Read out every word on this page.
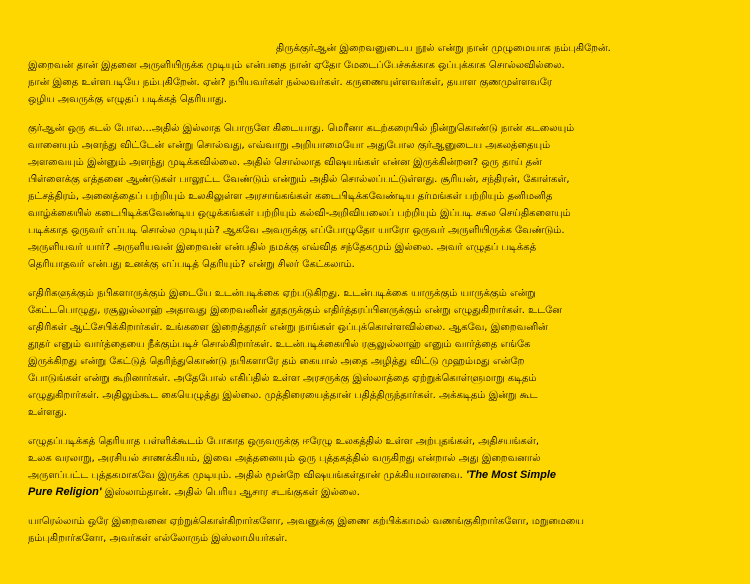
திருக்குர்ஆன் இறைவனுடைய நூல் என்று நான் முழுமையாக நம்புகிறேன்.
இறைவன் தான் இதனை அருளியிருக்க முடியும் என்பதை நான் ஏதோ மேடைப்பேச்சுக்காக ஒப்புக்காக சொல்லவில்லை.
நான் இதை உள்ளபடியே நம்புகிறேன். ஏன்? நபியவர்கள் நல்லவர்கள். கருணையுள்ளவர்கள், தயாள குணமுள்ளவரே
ஒழிய அவருக்கு எழுதப் படிக்கத் தெரியாது.

குர்ஆன் ஒரு கடல் போல...அதில் இல்லாத பொருளே கிடையாது. மெரீனா கடற்கரையில் நின்றுகொண்டு நான் கடலையும்
வானையும் அளந்து விட்டேன் என்று சொல்வது, எவ்வாறு அறியாமையோ அதுபோல குர்ஆனுடைய அகலத்தையும்
அளவையும் இன்னும் அளந்து முடிக்கவில்லை. அதில் சொல்லாத விஷயங்கள் என்ன இருக்கின்றன? ஒரு தாய் தன்
பிள்ளைக்கு எத்தனை ஆண்டுகள் பாலூட்ட வேண்டும் என்றும் அதில் சொல்லப்பட்டுள்ளது. சூரியன், சந்திரன், கோள்கள்,
நட்சத்திரம், அனைத்தைப் பற்றியும் உலகிலுள்ள அரசாங்கங்கள் கடைபிடிக்கவேண்டிய தர்மங்கள் பற்றியும் தனிமனித
வாழ்க்கையில் கடைபிடிக்கவேண்டிய ஒழுக்கங்கள் பற்றியும் கல்வி-அறிவியலைப் பற்றியும் இப்படி சகல செய்திகளையும்
படிக்காத ஒருவர் எப்படி சொல்ல முடியும்? ஆகவே அவருக்கு எப்போழுதோ யாரோ ஒருவர் அருளியிருக்க வேண்டும்.
அருளியவர் யார்? அருளியவன் இறைவன் என்பதில் நமக்கு எவ்வித சந்தேகமும் இல்லை. அவர் எழுதப் படிக்கத்
தெரியாதவர் என்பது உனக்கு எப்படித் தெரியும்? என்று சிலர் கேட்கலாம்.

எதிரிகளுக்கும் நபிகளாருக்கும் இடையே உடன்படிக்கை ஏற்படுகிறது. உடன்படிக்கை யாருக்கும் யாருக்கும் என்று
கேட்டபொழுது, ரசூலுல்லாஹ் அதாவது இறைவனின் தூதருக்கும் எதிர்த்தரப்பினருக்கும் என்று எழுதுகிறார்கள். உடனே
எதிரிகள் ஆட்சேபிக்கிறார்கள். உங்களை இறைத்தூதர் என்று நாங்கள் ஒப்புக்கொள்ளவில்லை. ஆகவே, இறைவனின்
தூதர் எனும் வார்த்தையை நீக்கும்படிச் சொல்கிறார்கள். உடன்படிக்கையில் ரசூலுல்லாஹ் எனும் வார்த்தை எங்கே
இருக்கிறது என்று கேட்டுத் தெரிந்துகொண்டு நபிகளாரே தம் கையால் அதை அழித்து விட்டு முஹம்மது என்றே
போடுங்கள் என்று கூறினார்கள். அதேபோல் எகிப்தில் உள்ள அரசருக்கு இஸ்லாத்தை ஏற்றுக்கொள்ளுமாறு கடிதம்
எழுதுகிறார்கள். அதிலும்கூட கையெழுத்து இல்லை. முத்திரையைத்தான் பதித்திருந்தார்கள். அக்கடிதம் இன்று கூட
உள்ளது.

எழுதப்படிக்கத் தெரியாத பள்ளிக்கூடம் போகாத ஒருவருக்கு ஈரேழு உலகத்தில் உள்ள அற்புதங்கள், அதிசயங்கள்,
உலக வரலாறு, அரசியல் சாணக்கியம், இவை அத்தனையும் ஒரு புத்தகத்தில் வருகிறது என்றால் அது இறைவனால்
அருளப்பட்ட புத்தகமாகவே இருக்க முடியும். அதில் மூன்றே விஷயங்கள்தான் முக்கியமானவை. 'The Most Simple
Pure Religion' இஸ்லாம்தான். அதில் பெரிய ஆசார சடங்குகள் இல்லை.

யாரெல்லாம் ஒரே இறைவனை ஏற்றுக்கொள்கிறார்களோ, அவனுக்கு இணை கற்பிக்காமல் வணங்குகிறார்களோ, மறுமையை
நம்புகிறார்களோ, அவர்கள் எல்லோரும் இஸ்லாமியர்கள்.
